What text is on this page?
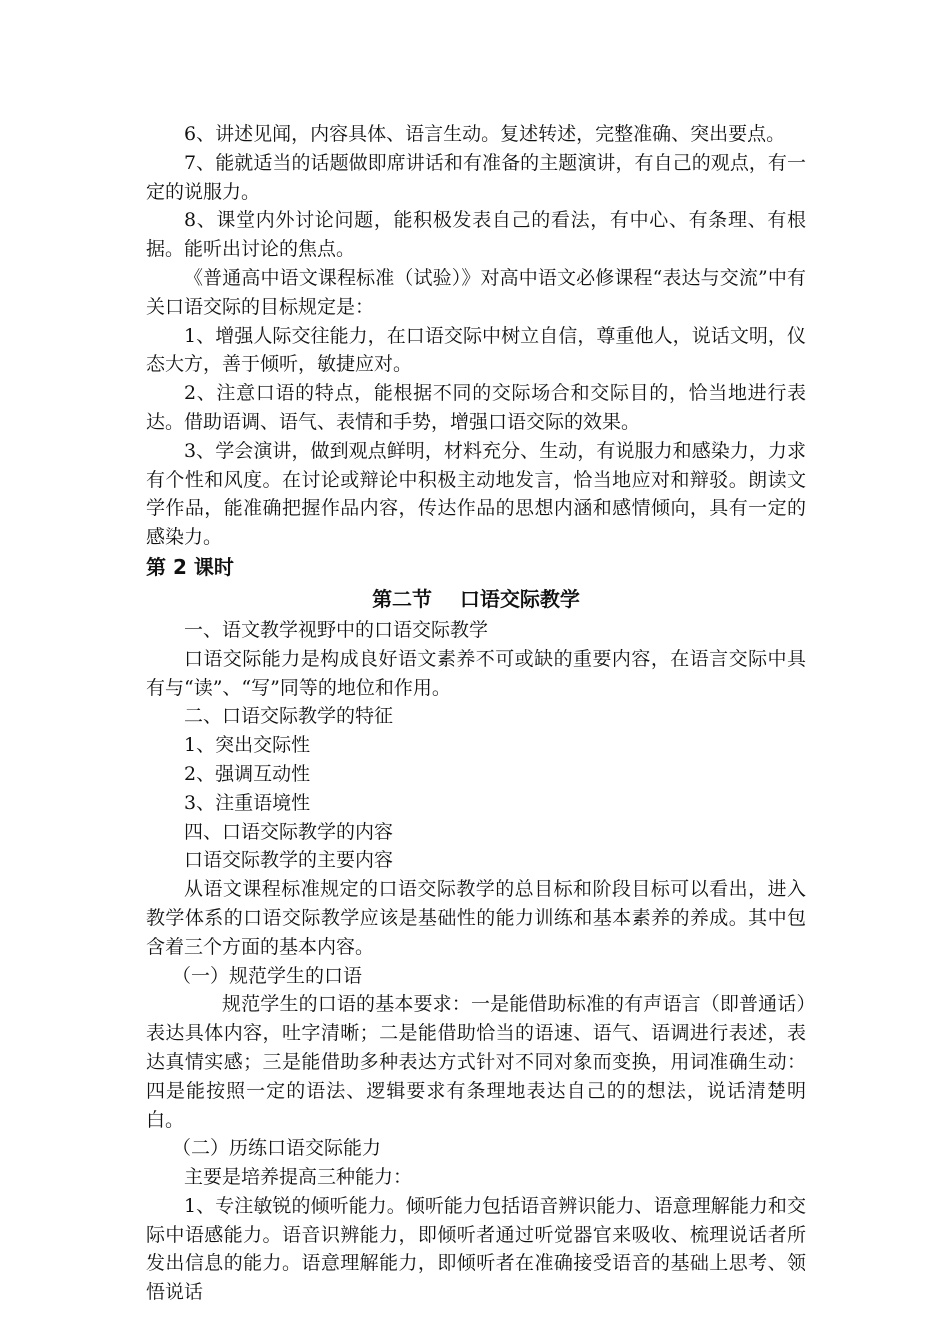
6、讲述见闻，内容具体、语言生动。复述转述，完整准确、突出要点。

7、能就适当的话题做即席讲话和有准备的主题演讲，有自己的观点，有一定的说服力。

8、课堂内外讨论问题，能积极发表自己的看法，有中心、有条理、有根据。能听出讨论的焦点。

《普通高中语文课程标准（试验）》对高中语文必修课程“表达与交流”中有关口语交际的目标规定是：

1、增强人际交往能力，在口语交际中树立自信，尊重他人，说话文明，仪态大方，善于倾听，敏捷应对。

2、注意口语的特点，能根据不同的交际场合和交际目的，恰当地进行表达。借助语调、语气、表情和手势，增强口语交际的效果。

3、学会演讲，做到观点鲜明，材料充分、生动，有说服力和感染力，力求有个性和风度。在讨论或辩论中积极主动地发言，恰当地应对和辩驳。朗读文学作品，能准确把握作品内容，传达作品的思想内涵和感情倾向，具有一定的感染力。

第 2 课时

第二节    口语交际教学

一、语文教学视野中的口语交际教学

口语交际能力是构成良好语文素养不可或缺的重要内容，在语言交际中具有与“读”、“写”同等的地位和作用。

二、口语交际教学的特征

1、突出交际性

2、强调互动性

3、注重语境性

四、口语交际教学的内容

口语交际教学的主要内容

从语文课程标准规定的口语交际教学的总目标和阶段目标可以看出，进入教学体系的口语交际教学应该是基础性的能力训练和基本素养的养成。其中包含着三个方面的基本内容。

（一）规范学生的口语

规范学生的口语的基本要求：一是能借助标准的有声语言（即普通话）表达具体内容，吐字清晰；二是能借助恰当的语速、语气、语调进行表述，表达真情实感；三是能借助多种表达方式针对不同对象而变换，用词准确生动：四是能按照一定的语法、逻辑要求有条理地表达自己的的想法，说话清楚明白。

（二）历练口语交际能力

主要是培养提高三种能力：

1、专注敏锐的倾听能力。倾听能力包括语音辨识能力、语意理解能力和交际中语感能力。语音识辨能力，即倾听者通过听觉器官来吸收、梳理说话者所发出信息的能力。语意理解能力，即倾听者在准确接受语音的基础上思考、领悟说话
